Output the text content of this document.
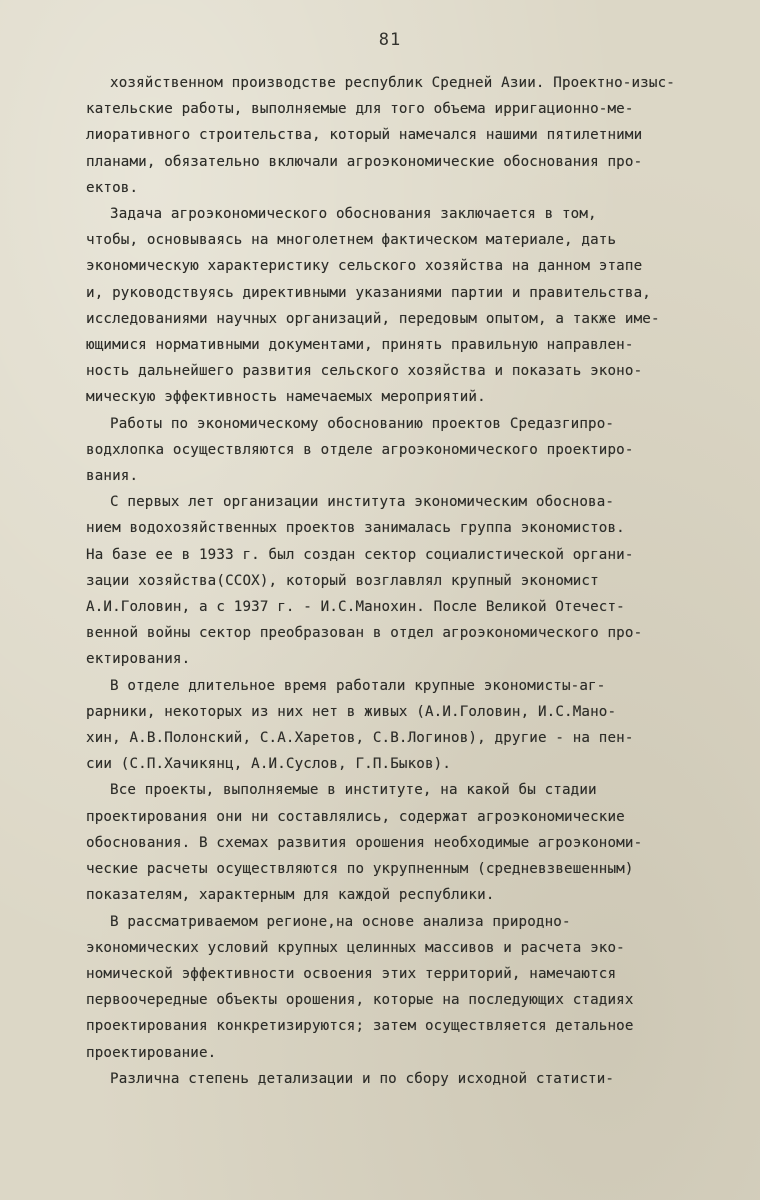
81
хозяйственном производстве республик Средней Азии. Проектно-изыс-
кательские работы, выполняемые для того объема ирригационно-ме-
лиоративного строительства, который намечался нашими пятилетними
планами, обязательно включали агроэкономические обоснования про-
ектов.
Задача агроэкономического обоснования заключается в том,
чтобы, основываясь на многолетнем фактическом материале, дать
экономическую характеристику сельского хозяйства на данном этапе
и, руководствуясь директивными указаниями партии и правительства,
исследованиями научных организаций, передовым опытом, а также име-
ющимися нормативными документами, принять правильную направлен-
ность дальнейшего развития сельского хозяйства и показать эконо-
мическую эффективность намечаемых мероприятий.
Работы по экономическому обоснованию проектов Средазгипро-
водхлопка осуществляются в отделе агроэкономического проектиро-
вания.
С первых лет организации института экономическим обоснова-
нием водохозяйственных проектов занималась группа экономистов.
На базе ее в 1933 г. был создан сектор социалистической органи-
зации хозяйства(ССОХ), который возглавлял крупный экономист
А.И.Головин, а с 1937 г. - И.С.Манохин. После Великой Отечест-
венной войны сектор преобразован в отдел агроэкономического про-
ектирования.
В отделе длительное время работали крупные экономисты-аг-
рарники, некоторых из них нет в живых (А.И.Головин, И.С.Мано-
хин, А.В.Полонский, С.А.Харетов, С.В.Логинов), другие - на пен-
сии (С.П.Хачикянц, А.И.Суслов, Г.П.Быков).
Все проекты, выполняемые в институте, на какой бы стадии
проектирования они ни составлялись, содержат агроэкономические
обоснования. В схемах развития орошения необходимые агроэкономи-
ческие расчеты осуществляются по укрупненным (средневзвешенным)
показателям, характерным для каждой республики.
В рассматриваемом регионе,на основе анализа природно-
экономических условий крупных целинных массивов и расчета эко-
номической эффективности освоения этих территорий, намечаются
первоочередные объекты орошения, которые на последующих стадиях
проектирования конкретизируются; затем осуществляется детальное
проектирование.
Различна степень детализации и по сбору исходной статисти-
